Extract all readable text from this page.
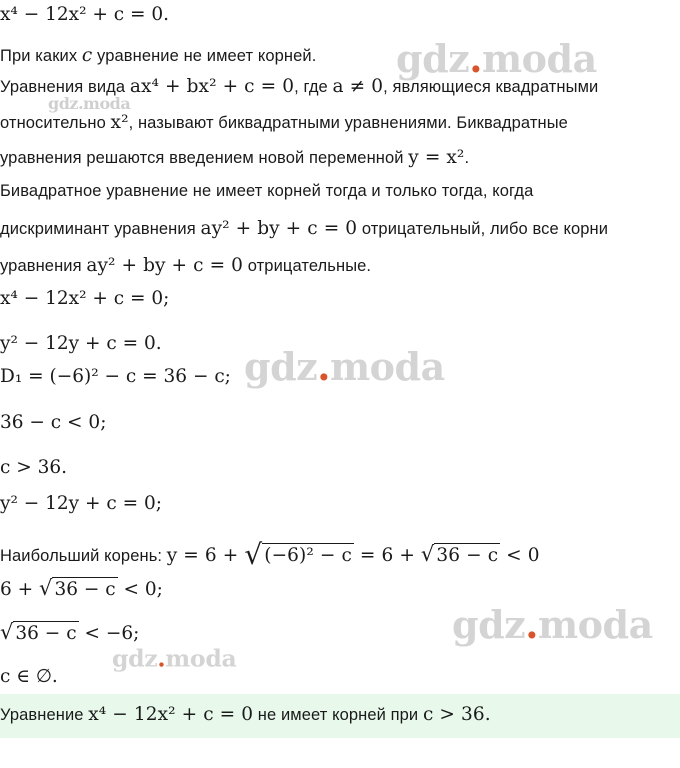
gdz.moda
gdz.moda
gdz.moda
gdz.moda
gdz.moda
x⁴ − 12x² + c = 0.
При каких c уравнение не имеет корней.
Уравнения вида ax⁴ + bx² + c = 0, где a ≠ 0, являющиеся квадратными
относительно x², называют биквадратными уравнениями. Биквадратные
уравнения решаются введением новой переменной y = x².
Бивадратное уравнение не имеет корней тогда и только тогда, когда
дискриминант уравнения ay² + by + c = 0 отрицательный, либо все корни
уравнения ay² + by + c = 0 отрицательные.
x⁴ − 12x² + c = 0;
y² − 12y + c = 0.
D₁ = (−6)² − c = 36 − c;
36 − c < 0;
c > 36.
y² − 12y + c = 0;
Наибольший корень: y = 6 + √ (−6)² − c = 6 + √ 36 − c < 0
6 + √ 36 − c < 0;
√ 36 − c < −6;
c ∈ ∅.
Уравнение x⁴ − 12x² + c = 0 не имеет корней при c > 36.
